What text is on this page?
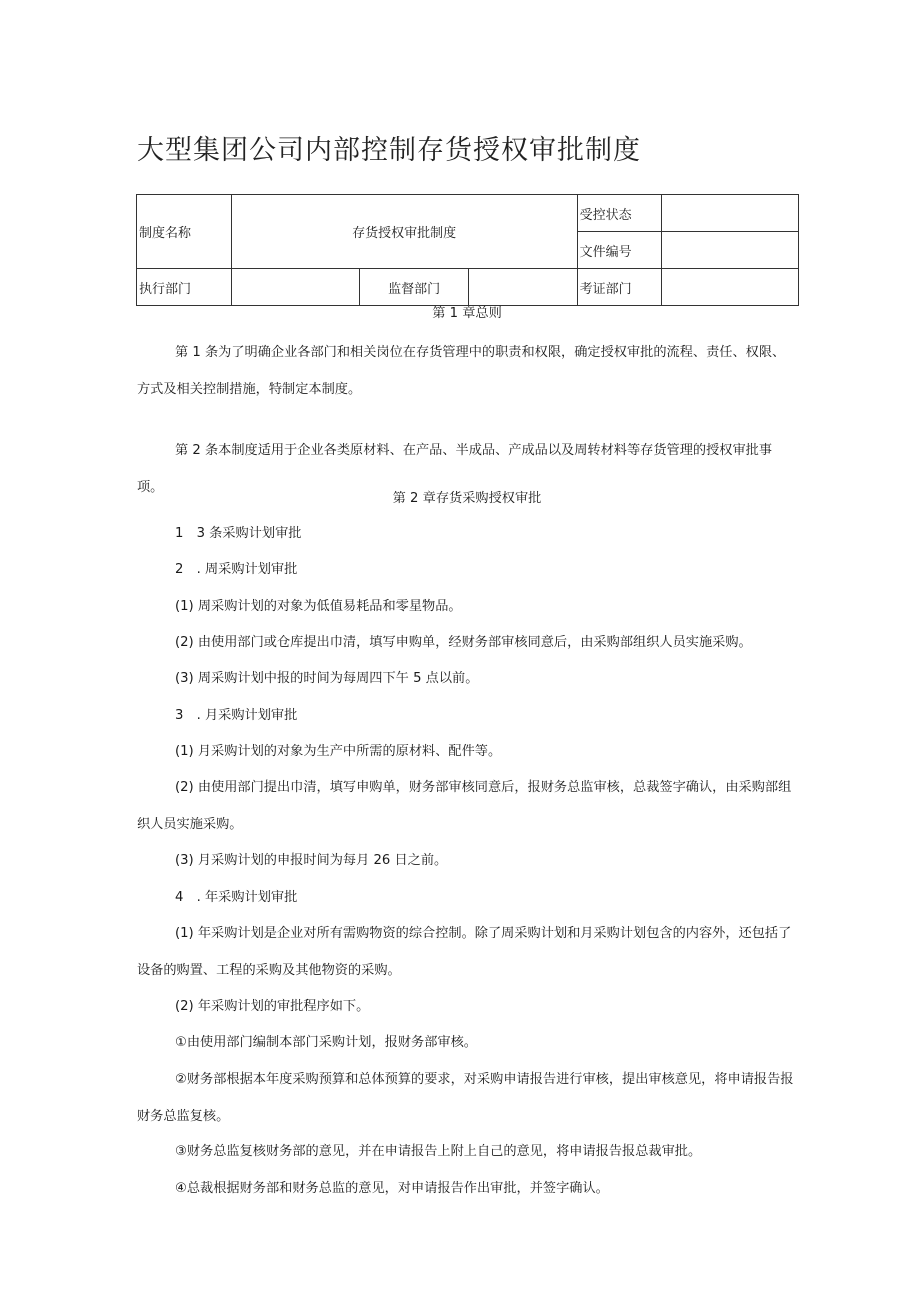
大型集团公司内部控制存货授权审批制度
制度名称	存货授权审批制度			受控状态	
				文件编号	
执行部门		监督部门		考证部门	

第 1 章总则

第 1 条为了明确企业各部门和相关岗位在存货管理中的职责和权限，确定授权审批的流程、责任、权限、方式及相关控制措施，特制定本制度。

第 2 条本制度适用于企业各类原材料、在产品、半成品、产成品以及周转材料等存货管理的授权审批事项。

第 2 章存货采购授权审批

1　3 条采购计划审批

2　. 周采购计划审批

(1) 周采购计划的对象为低值易耗品和零星物品。

(2) 由使用部门或仓库提出巾清，填写申购单，经财务部审核同意后，由采购部组织人员实施采购。

(3) 周采购计划中报的时间为每周四下午 5 点以前。

3　. 月采购计划审批

(1) 月采购计划的对象为生产中所需的原材料、配件等。

(2) 由使用部门提出巾清，填写申购单，财务部审核同意后，报财务总监审核，总裁签字确认，由采购部组织人员实施采购。

(3) 月采购计划的申报时间为每月 26 日之前。

4　. 年采购计划审批

(1) 年采购计划是企业对所有需购物资的综合控制。除了周采购计划和月采购计划包含的内容外，还包括了设备的购置、工程的采购及其他物资的采购。

(2) 年采购计划的审批程序如下。

①由使用部门编制本部门采购计划，报财务部审核。

②财务部根据本年度采购预算和总体预算的要求，对采购申请报告进行审核，提出审核意见，将申请报告报财务总监复核。

③财务总监复核财务部的意见，并在申请报告上附上自己的意见，将申请报告报总裁审批。

④总裁根据财务部和财务总监的意见，对申请报告作出审批，并签字确认。
